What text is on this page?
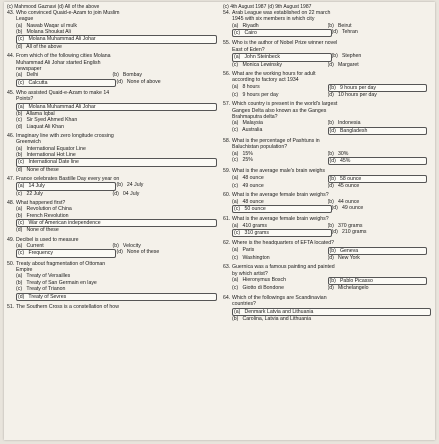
(c) Mahmood Gaznavi (d) All of the above
43. Who convinced Quaid-e-Azam to join Muslim
League
(a) Nawab Waqar ul mulk
(b) Molana Shoukat Ali
(c) Molana Muhammad Ali Johar
(d) All of the above
44. From which of the following cities Molana
Muhammad Ali Johar started English
newspaper
(a) Delhi	(b) Bombay
(c) Calcutta	(d) None of above
45. Who assisted Quaid-e-Azam to make 14
Points?
(a) Molana Muhammad Ali Johar
(b) Allama Iqbal
(c) Sir Syed Ahmed Khan
(d) Liaquat Ali Khan
46. Imaginary line with zero longitude crossing
Greenwich
(a) International Equator Line
(b) International Hot Line
(c) International Date line
(d) None of these
47. France celebrates Bastille Day every year on
(a) 14 July	(b) 24 July
(c) 22 July	(d) 04 July
48. What happened first?
(a) Revolution of China
(b) French Revolution
(c) War of American independence
(d) None of these
49. Decibel is used to measure
(a) Current	(b) Velocity
(c) Frequency	(d) None of these
50. Treaty about fragmentation of Ottoman
Empire
(a) Treaty of Versailles
(b) Treaty of San Germain en laye
(c) Treaty of Trianon
(d) Treaty of Sevres
51. The Southern Cross is a constellation of how
(c) 4th August 1987 (d) 9th August 1987
54. Arab League was established on 22 march
1945 with six members in which city
(a) Riyadh	(b) Beirut
(c) Cairo	(d) Tehran
55. Who is the author of Nobel Prize winner novel
East of Eden?
(a) John Steinbeck	(b) Stephen
(c) Monica Lewinsky	(d) Margaret
56. What are the working hours for adult
according to factory act 1934
(a) 8 hours	(b) 9 hours per day
(c) 9 hours per day	(d) 10 hours per day
57. Which country is present in the world's largest
Ganges Delta also known as the Ganges
Brahmaputra delta?
(a) Malaysia	(b) Indonesia
(c) Australia	(d) Bangladesh
58. What is the percentage of Pashtuns in
Baluchistan population?
(a) 15%	(b) 30%
(c) 25%	(d) 45%
59. What is the average male's brain weighs
(a) 48 ounce	(b) 58 ounce
(c) 49 ounce	(d) 45 ounce
60. What is the average female brain weighs?
(a) 48 ounce	(b) 44 ounce
(c) 50 ounce	(d) 49 ounce
61. What is the average female brain weighs?
(a) 410 grams	(b) 370 grams
(c) 310 grams	(d) 210 grams
62. Where is the headquarters of EFTA located?
(a) Paris	(b) Geneva
(c) Washington	(d) New York
63. Guernica was a famous painting and painted
by which artist?
(a) Hieronymus Bosch	(b) Pablo Picasso
(c) Giotto di Bondone	(d) Michelangelo
64. Which of the followings are Scandinavian
countries?
(a) Denmark Latvia and Lithuania
(b) Carolina, Latvia and Lithuania
